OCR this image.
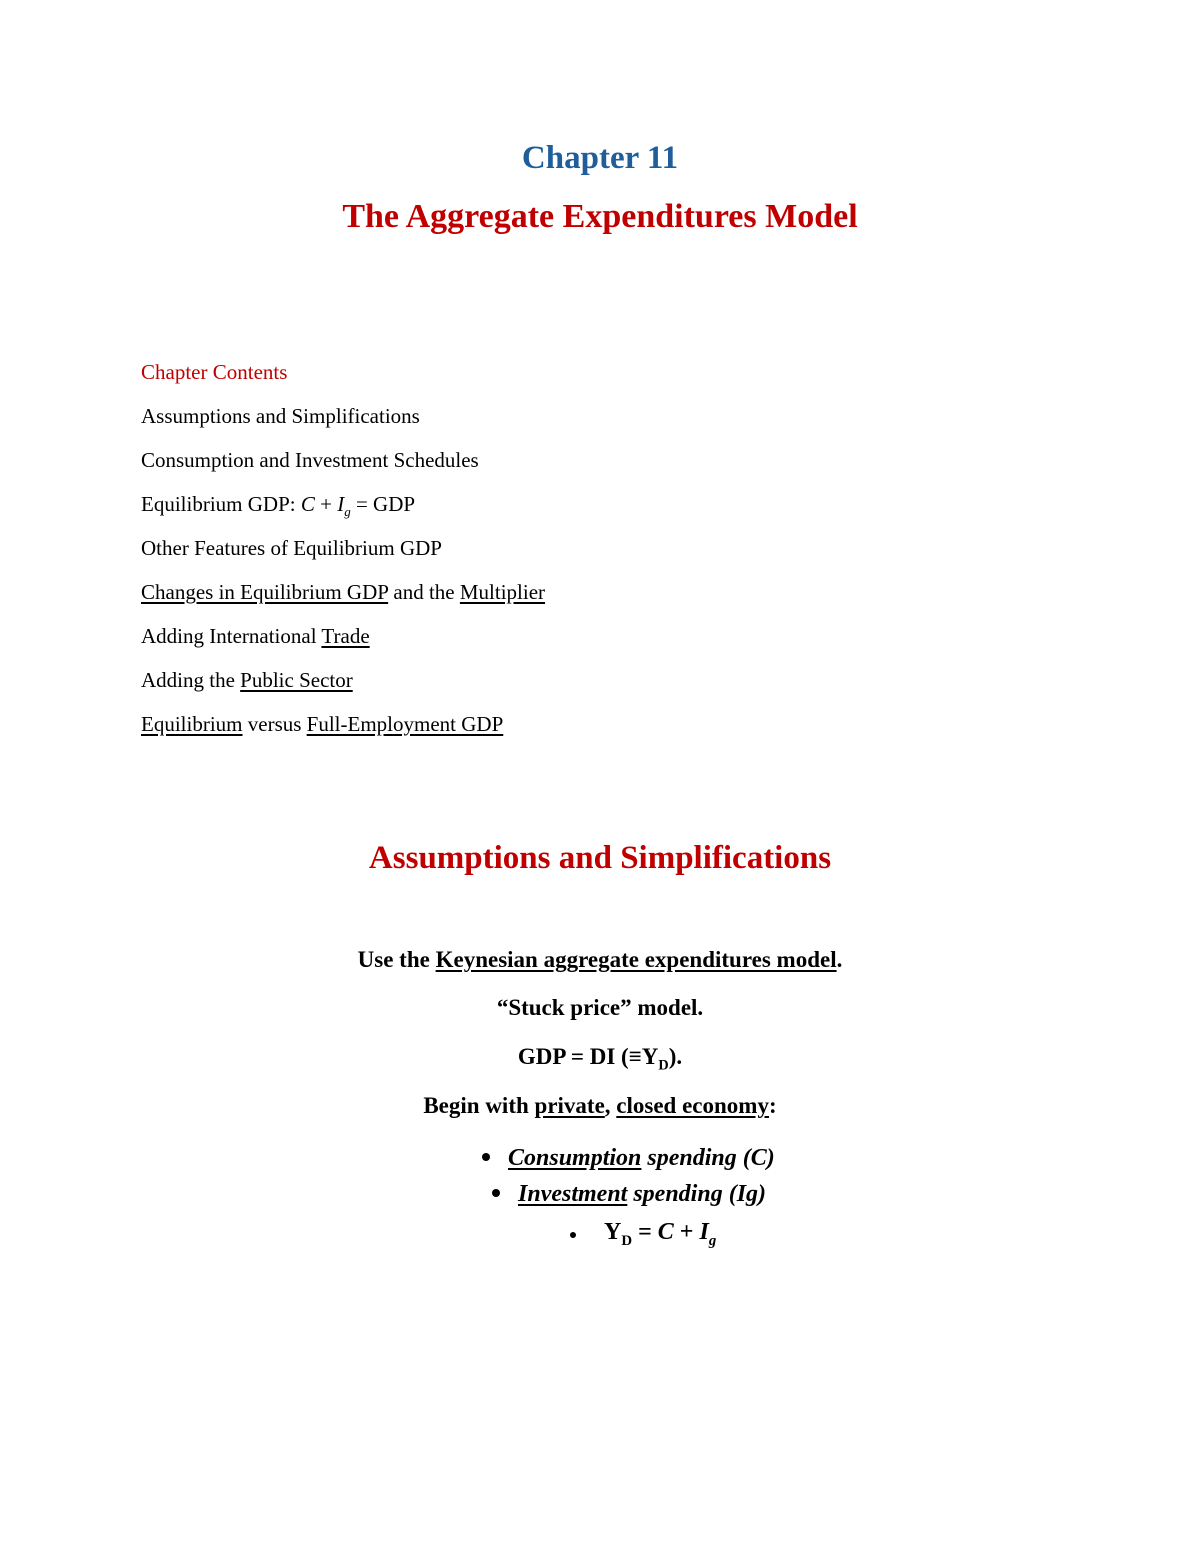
Chapter 11
The Aggregate Expenditures Model
Chapter Contents
Assumptions and Simplifications
Consumption and Investment Schedules
Equilibrium GDP: $C + I_g$ = GDP
Other Features of Equilibrium GDP
Changes in Equilibrium GDP and the Multiplier
Adding International Trade
Adding the Public Sector
Equilibrium versus Full-Employment GDP
Assumptions and Simplifications
Use the Keynesian aggregate expenditures model.
“Stuck price” model.
GDP = DI $(\equiv Y_D)$.
Begin with private, closed economy:
Consumption spending (C)
Investment spending (Ig)
$Y_D = C + I_g$
